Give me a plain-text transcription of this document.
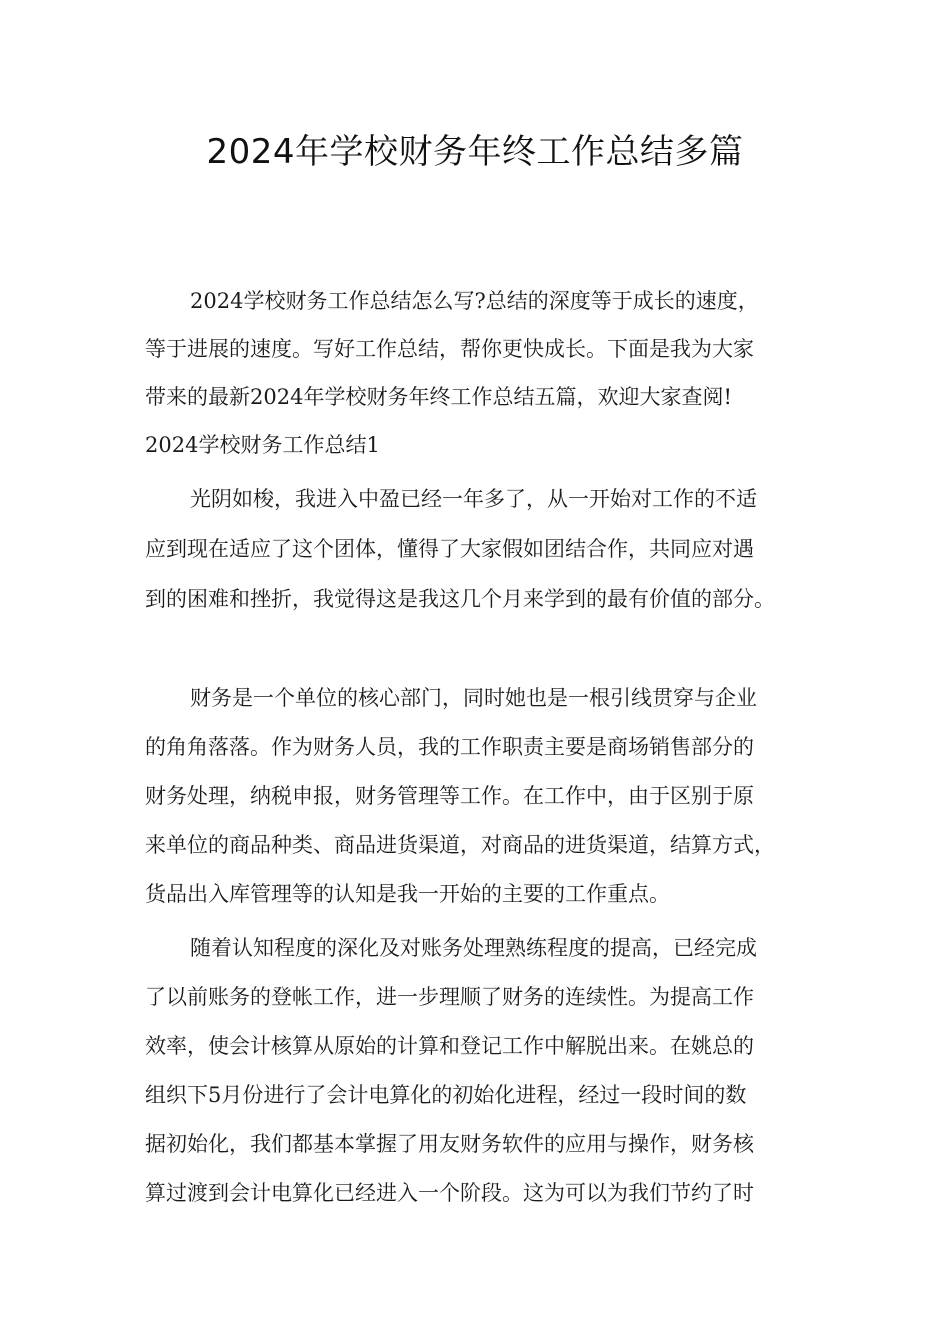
2024年学校财务年终工作总结多篇
2024学校财务工作总结怎么写?总结的深度等于成长的速度，
等于进展的速度。写好工作总结，帮你更快成长。下面是我为大家
带来的最新2024年学校财务年终工作总结五篇，欢迎大家查阅!
2024学校财务工作总结1
光阴如梭，我进入中盈已经一年多了，从一开始对工作的不适
应到现在适应了这个团体，懂得了大家假如团结合作，共同应对遇
到的困难和挫折，我觉得这是我这几个月来学到的最有价值的部分。
财务是一个单位的核心部门，同时她也是一根引线贯穿与企业
的角角落落。作为财务人员，我的工作职责主要是商场销售部分的
财务处理，纳税申报，财务管理等工作。在工作中，由于区别于原
来单位的商品种类、商品进货渠道，对商品的进货渠道，结算方式，
货品出入库管理等的认知是我一开始的主要的工作重点。
随着认知程度的深化及对账务处理熟练程度的提高，已经完成
了以前账务的登帐工作，进一步理顺了财务的连续性。为提高工作
效率，使会计核算从原始的计算和登记工作中解脱出来。在姚总的
组织下5月份进行了会计电算化的初始化进程，经过一段时间的数
据初始化，我们都基本掌握了用友财务软件的应用与操作，财务核
算过渡到会计电算化已经进入一个阶段。这为可以为我们节约了时
